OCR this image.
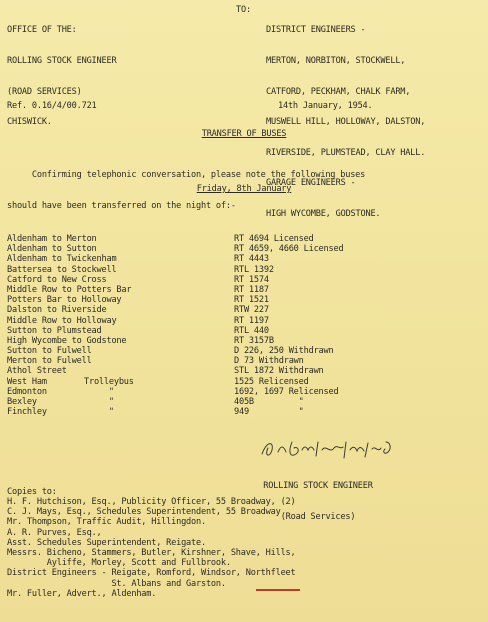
OFFICE OF THE:

ROLLING STOCK ENGINEER

(ROAD SERVICES)

CHISWICK.

TO:

DISTRICT ENGINEERS -

MERTON, NORBITON, STOCKWELL,

CATFORD, PECKHAM, CHALK FARM,

MUSWELL HILL, HOLLOWAY, DALSTON,

RIVERSIDE, PLUMSTEAD, CLAY HALL.

GARAGE ENGINEERS -

HIGH WYCOMBE, GODSTONE.

Ref. 0.16/4/00.721	14th January, 1954.
TRANSFER OF BUSES

Confirming telephonic conversation, please note the following buses

should have been transferred on the night of:-

Friday, 8th January
Aldenham to Merton	RT 4694 Licensed
Aldenham to Sutton	RT 4659, 4660 Licensed
Aldenham to Twickenham	RT 4443
Battersea to Stockwell	RTL 1392
Catford to New Cross	RT 1574
Middle Row to Potters Bar	RT 1187
Potters Bar to Holloway	RT 1521
Dalston to Riverside	RTW 227
Middle Row to Holloway	RT 1197
Sutton to Plumstead	RTL 440
High Wycombe to Godstone	RT 3157B
Sutton to Fulwell	D 226, 250 Withdrawn
Merton to Fulwell	D 73 Withdrawn
Athol Street	STL 1872 Withdrawn
West Ham	Trolleybus	1525 Relicensed
Edmonton	"	1692, 1697 Relicensed
Bexley	"	405B         "
Finchley	"	949          "

ROLLING STOCK ENGINEER

(Road Services)

Copies to:
H. F. Hutchison, Esq., Publicity Officer, 55 Broadway, (2)
C. J. Mays, Esq., Schedules Superintendent, 55 Broadway
Mr. Thompson, Traffic Audit, Hillingdon.
A. R. Purves, Esq.,
Asst. Schedules Superintendent, Reigate.
Messrs. Bicheno, Stammers, Butler, Kirshner, Shave, Hills,
Ayliffe, Morley, Scott and Fullbrook.
District Engineers - Reigate, Romford, Windsor, Northfleet
St. Albans and Garston.
Mr. Fuller, Advert., Aldenham.
